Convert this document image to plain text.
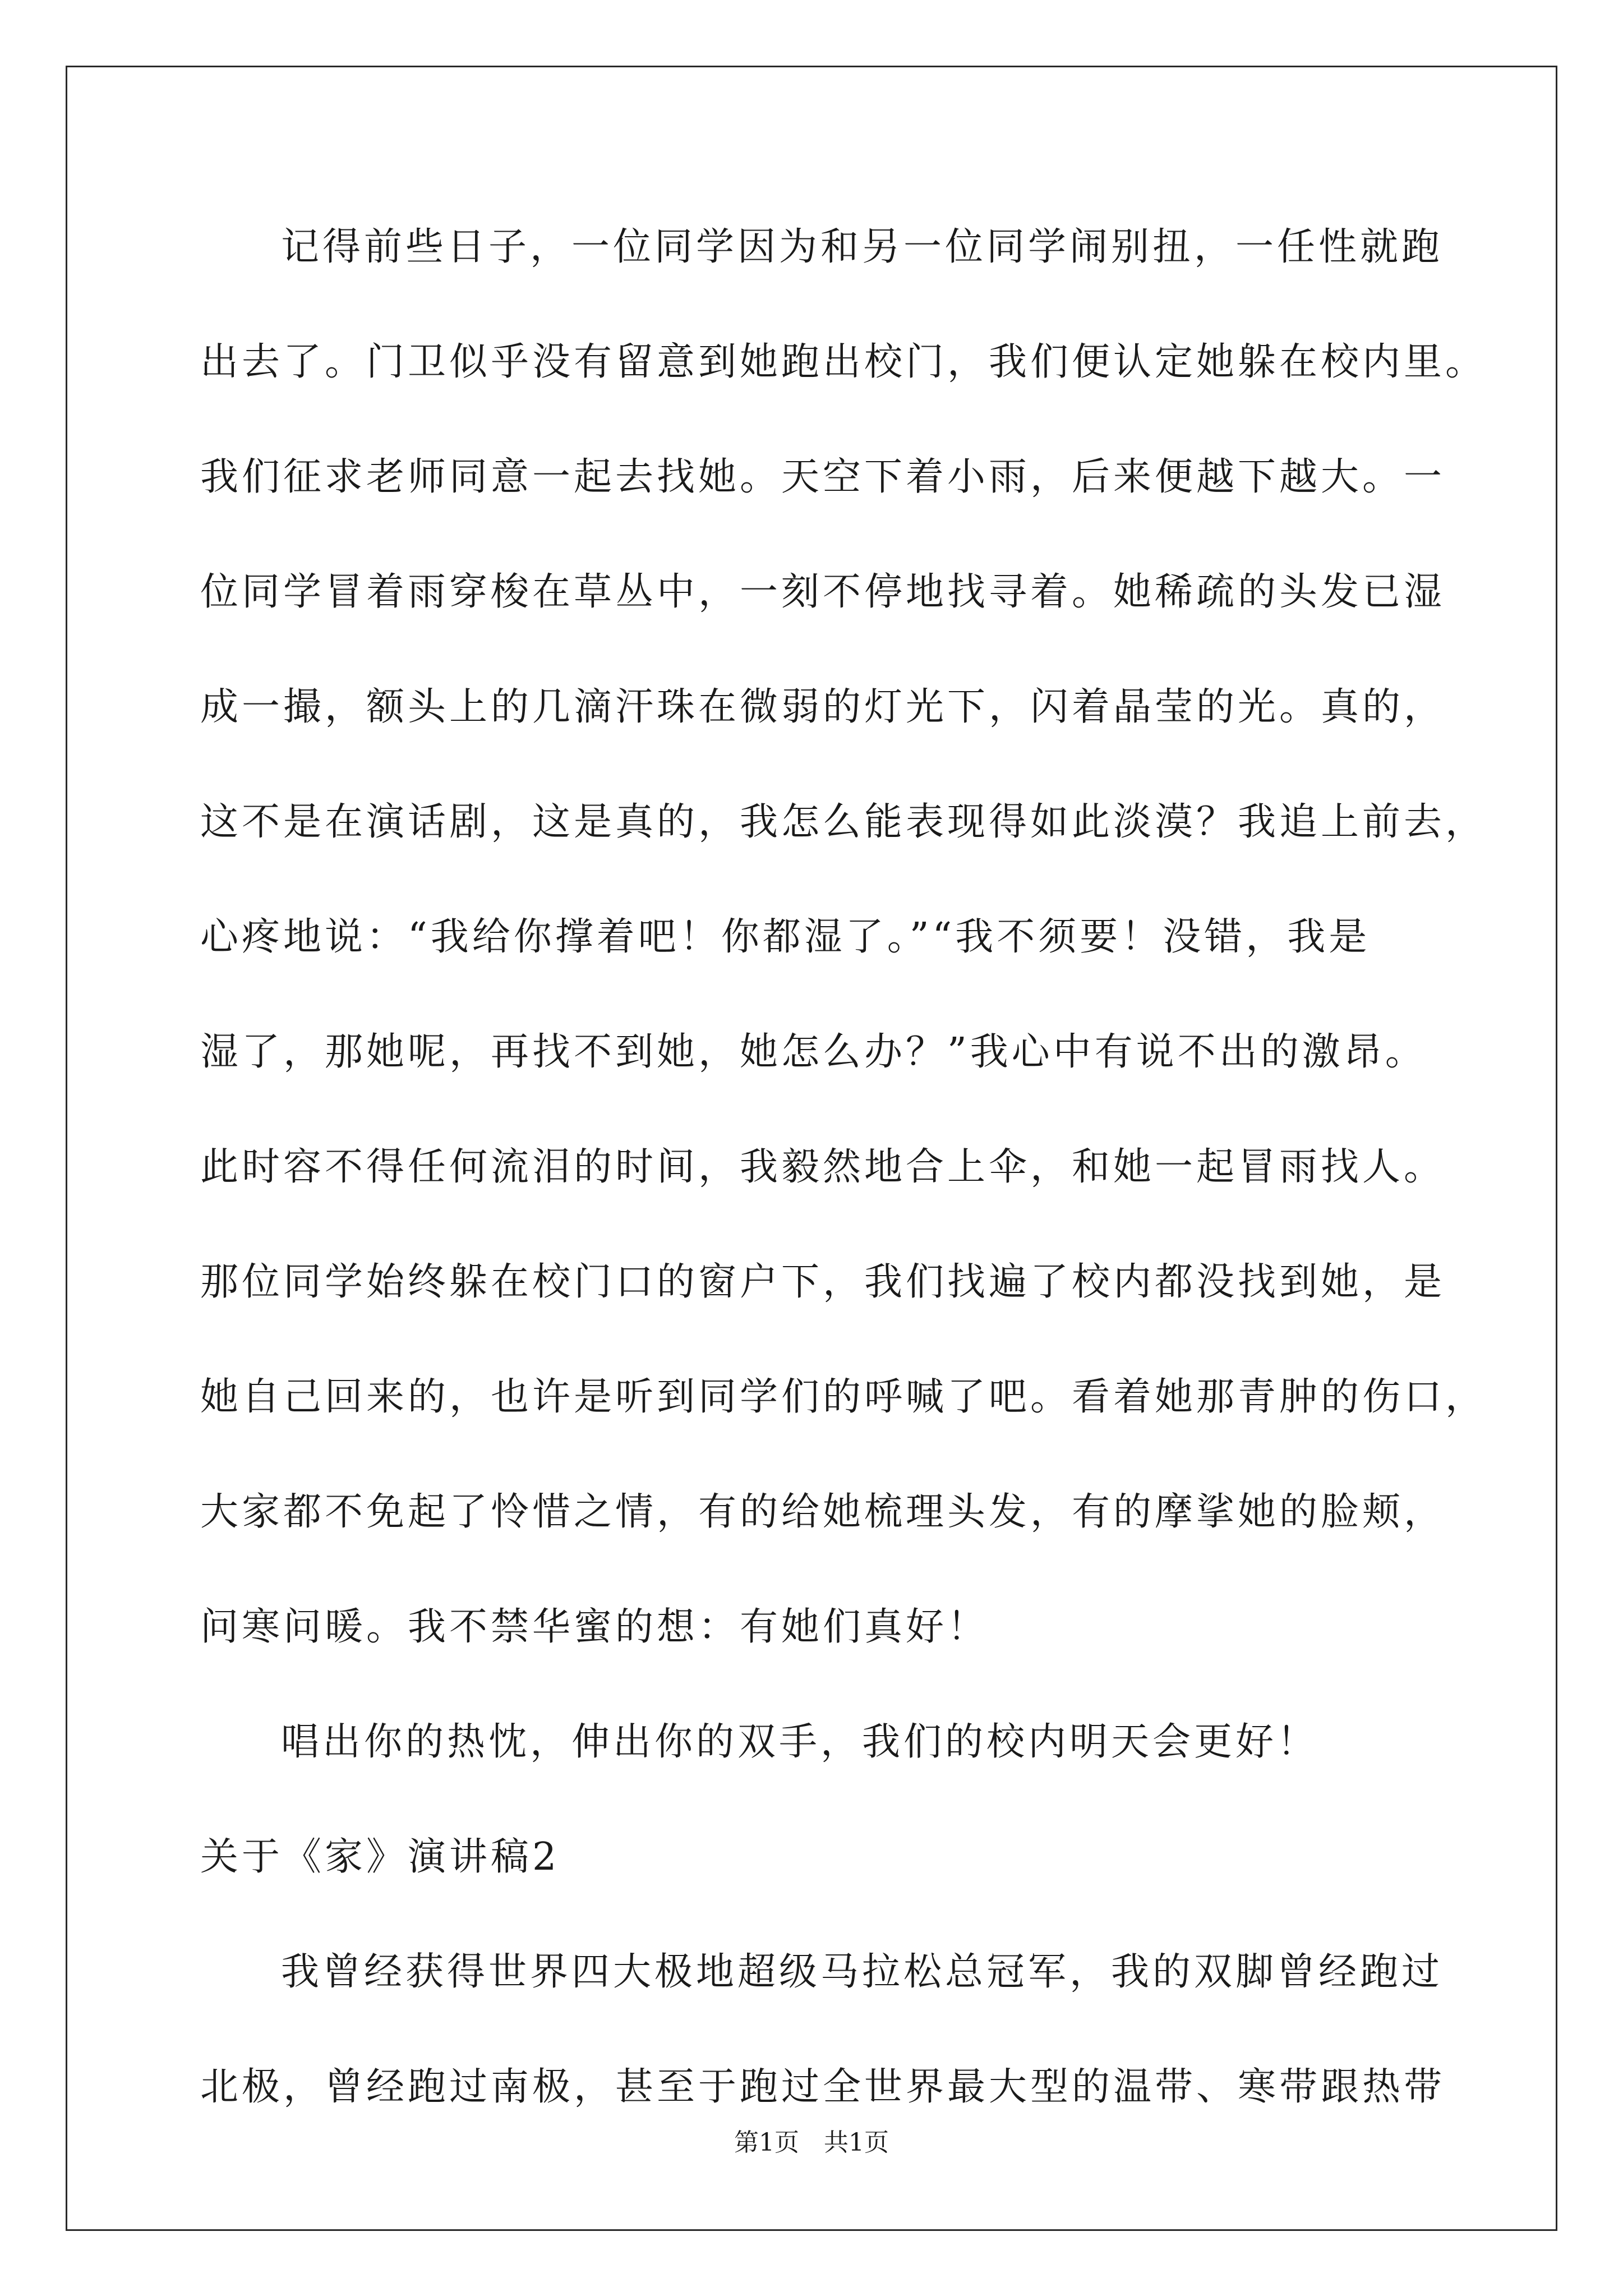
记得前些日子，一位同学因为和另一位同学闹别扭，一任性就跑
出去了。门卫似乎没有留意到她跑出校门，我们便认定她躲在校内里。
我们征求老师同意一起去找她。天空下着小雨，后来便越下越大。一
位同学冒着雨穿梭在草丛中，一刻不停地找寻着。她稀疏的头发已湿
成一撮，额头上的几滴汗珠在微弱的灯光下，闪着晶莹的光。真的，
这不是在演话剧，这是真的，我怎么能表现得如此淡漠？我追上前去，
心疼地说：“我给你撑着吧！你都湿了。”“我不须要！没错，我是
湿了，那她呢，再找不到她，她怎么办？”我心中有说不出的激昂。
此时容不得任何流泪的时间，我毅然地合上伞，和她一起冒雨找人。
那位同学始终躲在校门口的窗户下，我们找遍了校内都没找到她，是
她自己回来的，也许是听到同学们的呼喊了吧。看着她那青肿的伤口，
大家都不免起了怜惜之情，有的给她梳理头发，有的摩挲她的脸颊，
问寒问暖。我不禁华蜜的想：有她们真好！
唱出你的热忱，伸出你的双手，我们的校内明天会更好！
关于《家》演讲稿2
我曾经获得世界四大极地超级马拉松总冠军，我的双脚曾经跑过
北极，曾经跑过南极，甚至于跑过全世界最大型的温带、寒带跟热带
第1页　共1页
